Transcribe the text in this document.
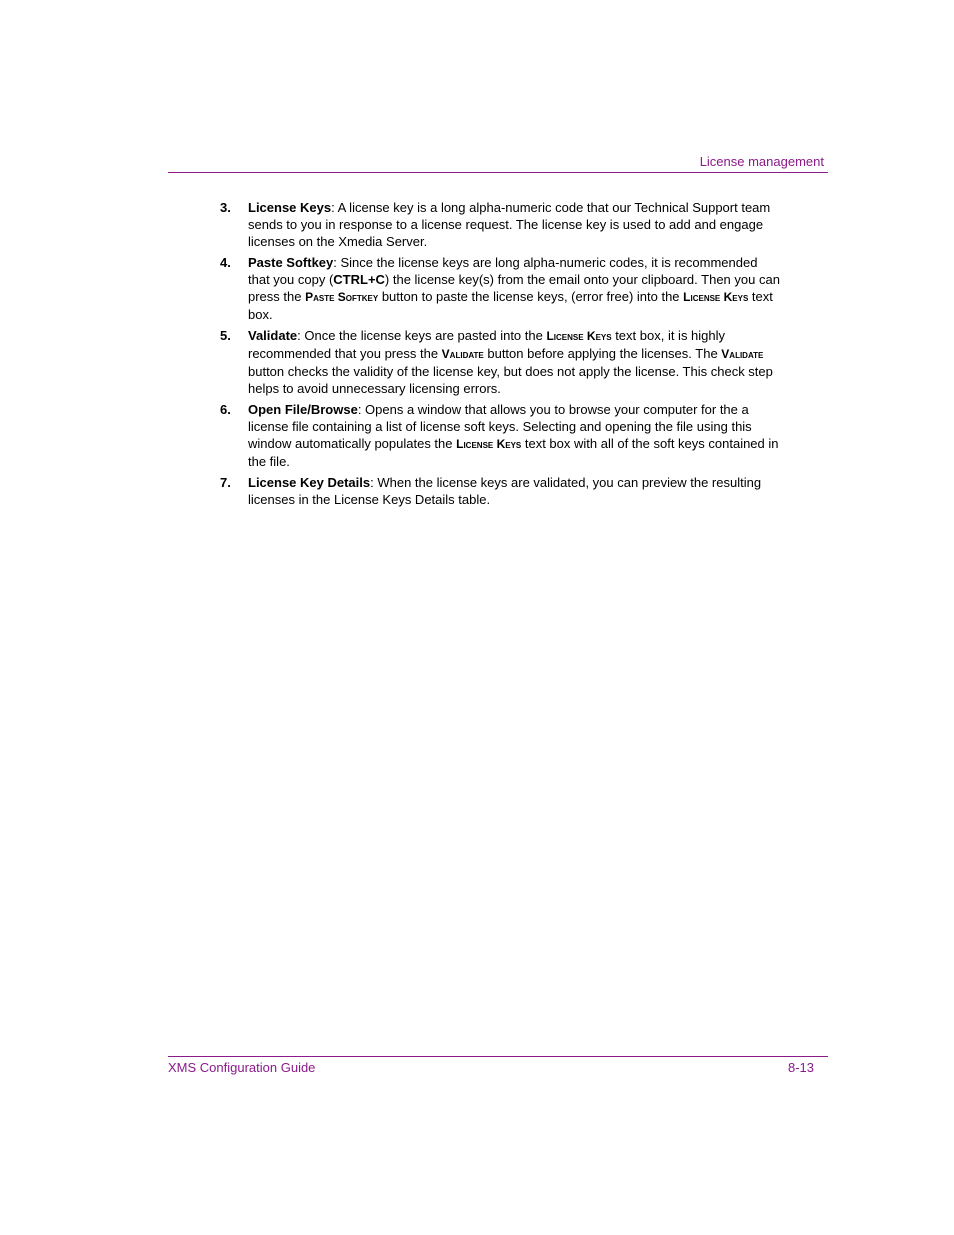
License management
3. License Keys: A license key is a long alpha-numeric code that our Technical Support team sends to you in response to a license request. The license key is used to add and engage licenses on the Xmedia Server.
4. Paste Softkey: Since the license keys are long alpha-numeric codes, it is recommended that you copy (CTRL+C) the license key(s) from the email onto your clipboard. Then you can press the Paste Softkey button to paste the license keys, (error free) into the License Keys text box.
5. Validate: Once the license keys are pasted into the License Keys text box, it is highly recommended that you press the Validate button before applying the licenses. The Validate button checks the validity of the license key, but does not apply the license. This check step helps to avoid unnecessary licensing errors.
6. Open File/Browse: Opens a window that allows you to browse your computer for the a license file containing a list of license soft keys. Selecting and opening the file using this window automatically populates the License Keys text box with all of the soft keys contained in the file.
7. License Key Details: When the license keys are validated, you can preview the resulting licenses in the License Keys Details table.
XMS Configuration Guide	8-13
